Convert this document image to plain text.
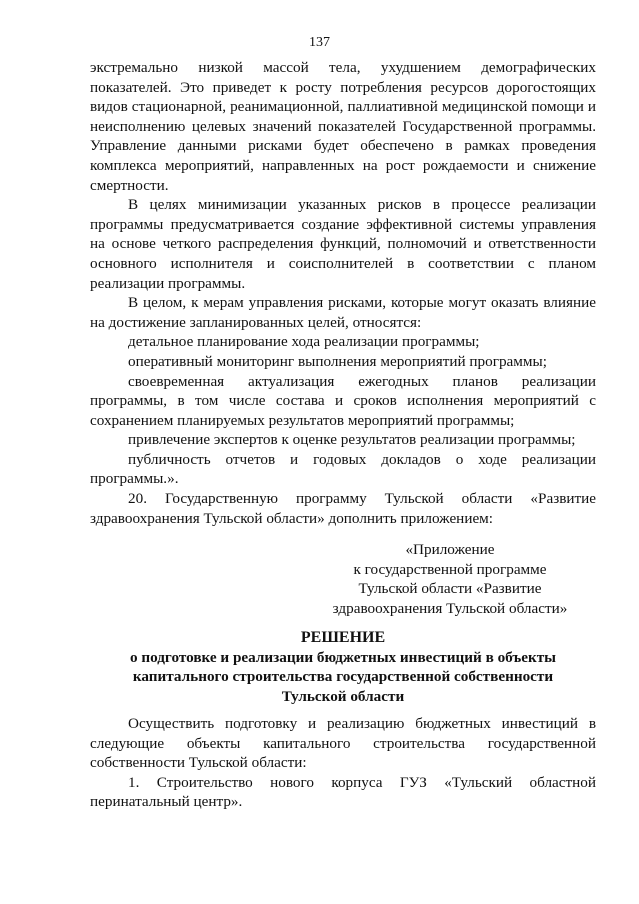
137

экстремально низкой массой тела, ухудшением демографических показателей. Это приведет к росту потребления ресурсов дорогостоящих видов стационарной, реанимационной, паллиативной медицинской помощи и неисполнению целевых значений показателей Государственной программы. Управление данными рисками будет обеспечено в рамках проведения комплекса мероприятий, направленных на рост рождаемости и снижение смертности.

В целях минимизации указанных рисков в процессе реализации программы предусматривается создание эффективной системы управления на основе четкого распределения функций, полномочий и ответственности основного исполнителя и соисполнителей в соответствии с планом реализации программы.

В целом, к мерам управления рисками, которые могут оказать влияние на достижение запланированных целей, относятся:

детальное планирование хода реализации программы;

оперативный мониторинг выполнения мероприятий программы;

своевременная актуализация ежегодных планов реализации программы, в том числе состава и сроков исполнения мероприятий с сохранением планируемых результатов мероприятий программы;

привлечение экспертов к оценке результатов реализации программы;

публичность отчетов и годовых докладов о ходе реализации программы.».

20. Государственную программу Тульской области «Развитие здравоохранения Тульской области» дополнить приложением:

«Приложение
к государственной программе
Тульской области «Развитие
здравоохранения Тульской области»
РЕШЕНИЕ
о подготовке и реализации бюджетных инвестиций в объекты
капитального строительства государственной собственности
Тульской области

Осуществить подготовку и реализацию бюджетных инвестиций в следующие объекты капитального строительства государственной собственности Тульской области:

1. Строительство нового корпуса ГУЗ «Тульский областной перинатальный центр».
